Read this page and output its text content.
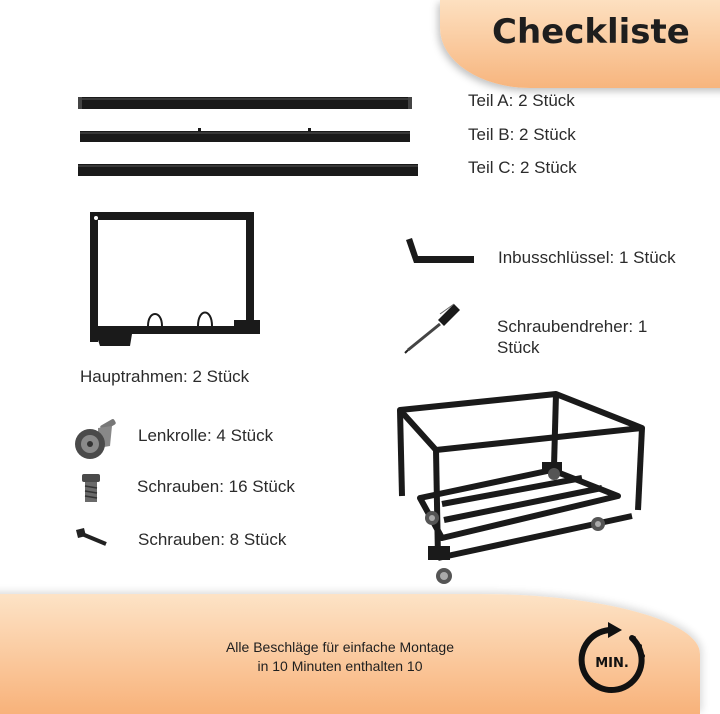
Checkliste
Teil A: 2 Stück
Teil B: 2 Stück
Teil C: 2 Stück
Hauptrahmen: 2 Stück
Inbusschlüssel: 1 Stück
Schraubendreher: 1
Stück
Lenkrolle: 4 Stück
Schrauben: 16 Stück
Schrauben: 8 Stück
Alle Beschläge für einfache Montage
in 10 Minuten enthalten 10	MIN.
